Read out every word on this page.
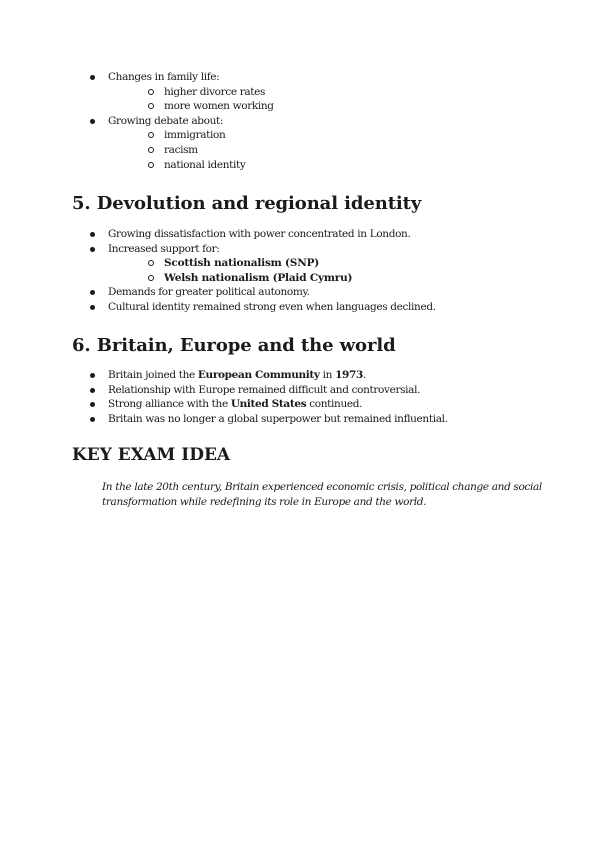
Changes in family life:
higher divorce rates
more women working
Growing debate about:
immigration
racism
national identity
5. Devolution and regional identity
Growing dissatisfaction with power concentrated in London.
Increased support for:
Scottish nationalism (SNP)
Welsh nationalism (Plaid Cymru)
Demands for greater political autonomy.
Cultural identity remained strong even when languages declined.
6. Britain, Europe and the world
Britain joined the European Community in 1973.
Relationship with Europe remained difficult and controversial.
Strong alliance with the United States continued.
Britain was no longer a global superpower but remained influential.
KEY EXAM IDEA

In the late 20th century, Britain experienced economic crisis, political change and social transformation while redefining its role in Europe and the world.
